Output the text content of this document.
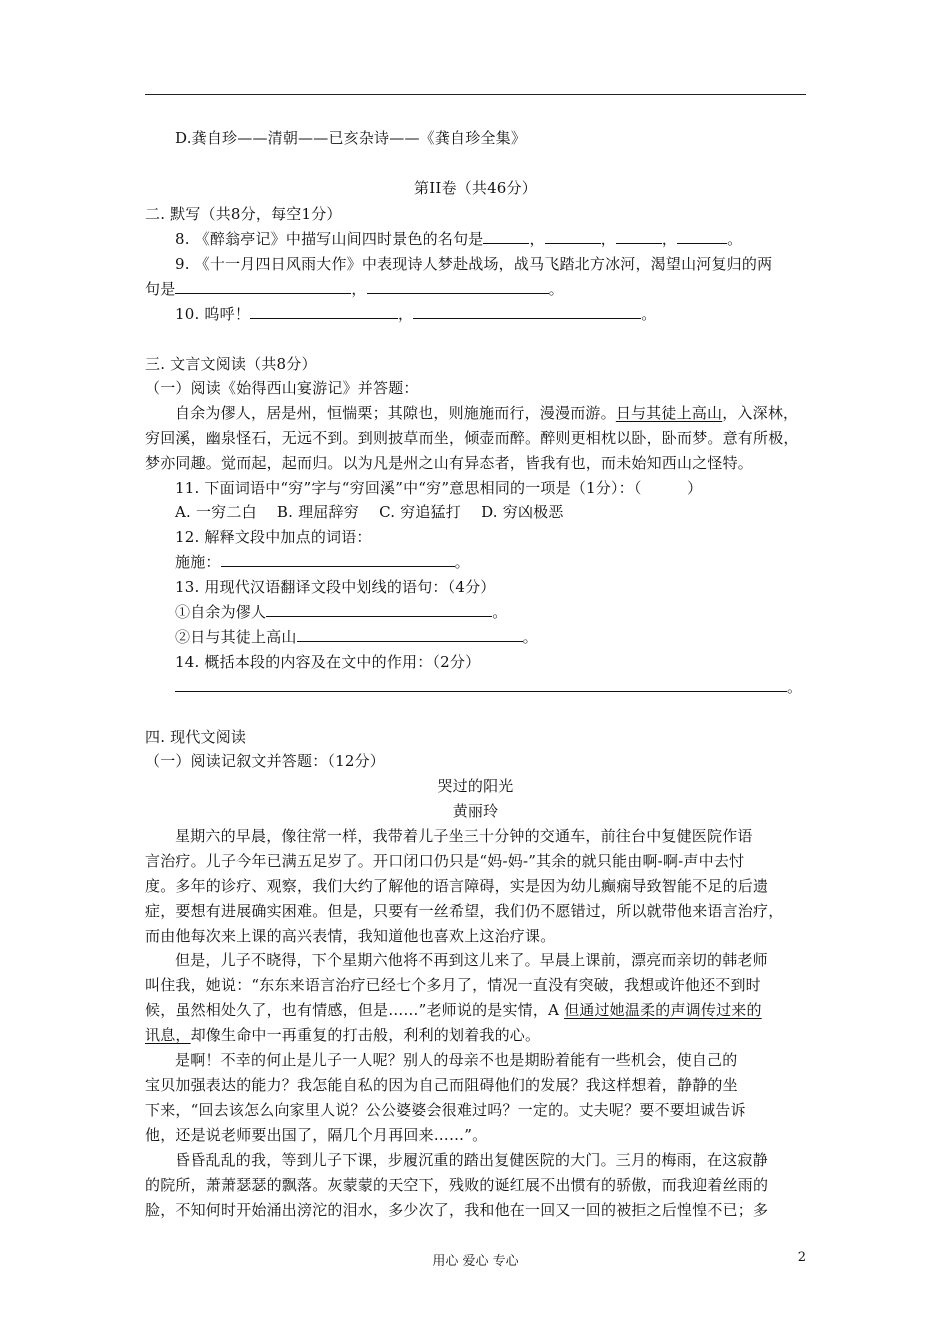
D.龚自珍——清朝——已亥杂诗——《龚自珍全集》
第II卷（共46分）
二. 默写（共8分，每空1分）
8. 《醉翁亭记》中描写山间四时景色的名句是	，	，	，	。
9. 《十一月四日风雨大作》中表现诗人梦赴战场，战马飞踏北方冰河，渴望山河复归的两
句是	，	。
10. 呜呼！	，	。
三. 文言文阅读（共8分）
（一）阅读《始得西山宴游记》并答题：
自余为僇人，居是州，恒惴栗；其隙也，则施施而行，漫漫而游。日与其徒上高山，入深林，
穷回溪，幽泉怪石，无远不到。到则披草而坐，倾壶而醉。醉则更相枕以卧，卧而梦。意有所极，
梦亦同趣。觉而起，起而归。以为凡是州之山有异态者，皆我有也，而未始知西山之怪特。
11. 下面词语中“穷”字与“穷回溪”中“穷”意思相同的一项是（1分）：（　　　）
A. 一穷二白　 B. 理屈辞穷　 C. 穷追猛打　 D. 穷凶极恶
12. 解释文段中加点的词语：
施施：	。
13. 用现代汉语翻译文段中划线的语句：（4分）
①自余为僇人	。
②日与其徒上高山	。
14. 概括本段的内容及在文中的作用：（2分）
。
四. 现代文阅读
（一）阅读记叙文并答题：（12分）
哭过的阳光
黄丽玲
星期六的早晨，像往常一样，我带着儿子坐三十分钟的交通车，前往台中复健医院作语
言治疗。儿子今年已满五足岁了。开口闭口仍只是“妈-妈-”其余的就只能由啊-啊-声中去忖
度。多年的诊疗、观察，我们大约了解他的语言障碍，实是因为幼儿癫痫导致智能不足的后遗
症，要想有进展确实困难。但是，只要有一丝希望，我们仍不愿错过，所以就带他来语言治疗，
而由他每次来上课的高兴表情，我知道他也喜欢上这治疗课。
但是，儿子不晓得，下个星期六他将不再到这儿来了。早晨上课前，漂亮而亲切的韩老师
叫住我，她说：“东东来语言治疗已经七个多月了，情况一直没有突破，我想或许他还不到时
候，虽然相处久了，也有情感，但是……”老师说的是实情，A 但通过她温柔的声调传过来的
讯息，却像生命中一再重复的打击般，利利的划着我的心。
是啊！不幸的何止是儿子一人呢？别人的母亲不也是期盼着能有一些机会，使自己的
宝贝加强表达的能力？我怎能自私的因为自己而阻碍他们的发展？我这样想着，静静的坐
下来，“回去该怎么向家里人说？公公婆婆会很难过吗？一定的。丈夫呢？要不要坦诚告诉
他，还是说老师要出国了，隔几个月再回来……”。
昏昏乱乱的我，等到儿子下课，步履沉重的踏出复健医院的大门。三月的梅雨，在这寂静
的院所，萧萧瑟瑟的飘落。灰蒙蒙的天空下，残败的诞红展不出惯有的骄傲，而我迎着丝雨的
脸，不知何时开始涌出滂沱的泪水，多少次了，我和他在一回又一回的被拒之后惶惶不已；多
用心 爱心 专心	2
